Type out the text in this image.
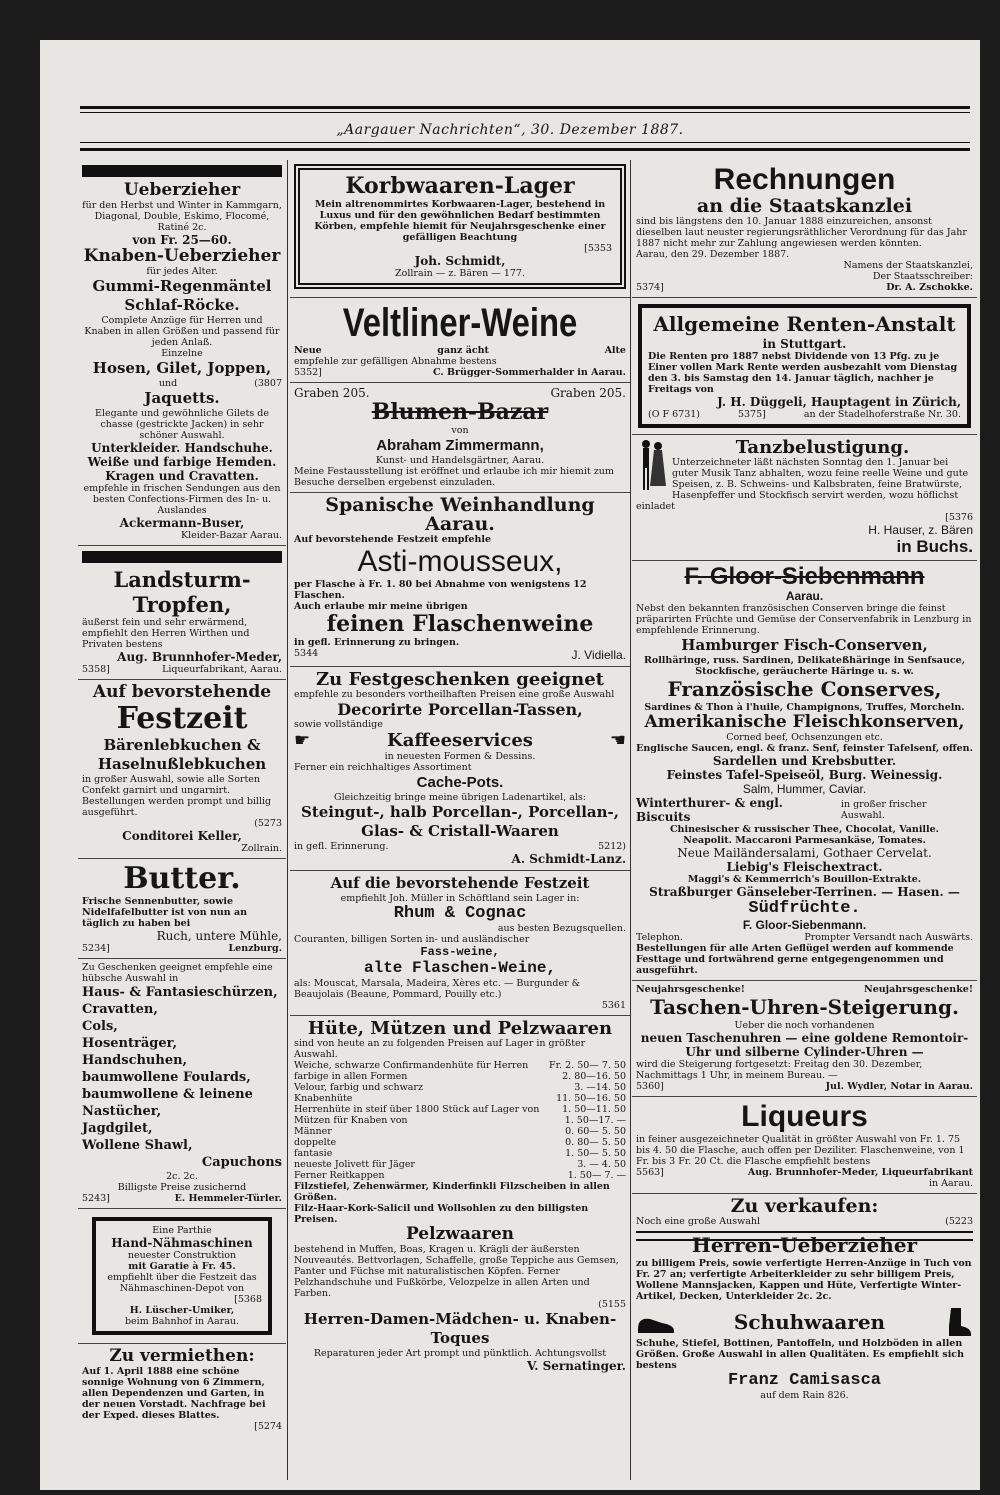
„Aargauer Nachrichten“, 30. Dezember 1887.
Ueberzieher
für den Herbst und Winter in Kammgarn, Diagonal, Double, Eskimo, Flocomé, Ratiné 2c.
von Fr. 25—60.
Knaben-Ueberzieher
für jedes Alter.
Gummi-Regenmäntel
Schlaf-Röcke.
Complete Anzüge für Herren und Knaben in allen Größen und passend für jeden Anlaß.
Einzelne
Hosen, Gilet, Joppen,
und	(3807
Jaquetts.
Elegante und gewöhnliche Gilets de chasse (gestrickte Jacken) in sehr schöner Auswahl.
Unterkleider. Handschuhe.
Weiße und farbige Hemden.
Kragen und Cravatten.
empfehle in frischen Sendungen aus den besten Confections-Firmen des In- u. Auslandes
Ackermann-Buser,
Kleider-Bazar Aarau.
Landsturm-Tropfen,
äußerst fein und sehr erwärmend, empfiehlt den Herren Wirthen und Privaten bestens
Aug. Brunnhofer-Meder,
5358]	Liqueurfabrikant, Aarau.
Auf bevorstehende
Festzeit
Bärenlebkuchen & Haselnußlebkuchen
in großer Auswahl, sowie alle Sorten Confekt garnirt und ungarnirt. Bestellungen werden prompt und billig ausgeführt.
(5273
Conditorei Keller,
Zollrain.
Butter.
Frische Sennenbutter, sowie Nidelfafelbutter ist von nun an täglich zu haben bei
Ruch, untere Mühle,
5234]	Lenzburg.
Zu Geschenken geeignet empfehle eine hübsche Auswahl in
Haus- & Fantasieschürzen,
Cravatten,
Cols,
Hosenträger,
Handschuhen,
baumwollene Foulards,
baumwollene & leinene Nastücher,
Jagdgilet,
Wollene Shawl,
Capuchons
2c. 2c.
Billigste Preise zusichernd
5243]	E. Hemmeler-Türler.
Eine Parthie
Hand-Nähmaschinen
neuester Construktion
mit Garatie à Fr. 45.
empfiehlt über die Festzeit das Nähmaschinen-Depot von
[5368
H. Lüscher-Umiker,
beim Bahnhof in Aarau.
Zu vermiethen:
Auf 1. April 1888 eine schöne sonnige Wohnung von 6 Zimmern, allen Dependenzen und Garten, in der neuen Vorstadt. Nachfrage bei der Exped. dieses Blattes.
[5274
Korbwaaren-Lager
Mein altrenommirtes Korbwaaren-Lager, bestehend in Luxus und für den gewöhnlichen Bedarf bestimmten Körben, empfehle hiemit für Neujahrsgeschenke einer gefälligen Beachtung
[5353
Joh. Schmidt,
Zollrain — z. Bären — 177.
Veltliner-Weine
Neue	ganz ächt	Alte
empfehle zur gefälligen Abnahme bestens
5352]	C. Brügger-Sommerhalder in Aarau.
Graben 205.	Graben 205.
Blumen-Bazar
von
Abraham Zimmermann,
Kunst- und Handelsgärtner, Aarau.
Meine Festausstellung ist eröffnet und erlaube ich mir hiemit zum Besuche derselben ergebenst einzuladen.
Spanische Weinhandlung Aarau.
Auf bevorstehende Festzeit empfehle
Asti-mousseux,
per Flasche à Fr. 1. 80 bei Abnahme von wenigstens 12 Flaschen.
Auch erlaube mir meine übrigen
feinen Flaschenweine
in gefl. Erinnerung zu bringen.
5344	J. Vidiella.
Zu Festgeschenken geeignet
empfehle zu besonders vortheilhaften Preisen eine große Auswahl
Decorirte Porcellan-Tassen,
sowie vollständige
☛	Kaffeeservices	☚
in neuesten Formen & Dessins.
Ferner ein reichhaltiges Assortiment
Cache-Pots.
Gleichzeitig bringe meine übrigen Ladenartikel, als:
Steingut-, halb Porcellan-, Porcellan-, Glas- & Cristall-Waaren
in gefl. Erinnerung.	5212)
A. Schmidt-Lanz.
Auf die bevorstehende Festzeit
empfiehlt Joh. Müller in Schöftland sein Lager in:
Rhum & Cognac
aus besten Bezugsquellen.
Couranten, billigen Sorten in- und ausländischer
Fass-weine,
alte Flaschen-Weine,
als: Mouscat, Marsala, Madeira, Xères etc. — Burgunder & Beaujolais (Beaune, Pommard, Pouilly etc.)
5361
Hüte, Mützen und Pelzwaaren
sind von heute an zu folgenden Preisen auf Lager in größter Auswahl.
Weiche, schwarze Confirmandenhüte für Herren	Fr. 2. 50— 7. 50
farbige in allen Formen	2. 80—16. 50
Velour, farbig und schwarz	3. —14. 50
Knabenhüte	11. 50—16. 50
Herrenhüte in steif über 1800 Stück auf Lager von	1. 50—11. 50
Mützen für Knaben von	1. 50—17. —
Männer	0. 60— 5. 50
doppelte	0. 80— 5. 50
fantasie	1. 50— 5. 50
neueste Jolivett für Jäger	3. — 4. 50
Ferner Reitkappen	1. 50— 7. —
Filzstiefel, Zehenwärmer, Kinderfinkli Filzscheiben in allen Größen.
Filz-Haar-Kork-Salicil und Wollsohlen zu den billigsten Preisen.
Pelzwaaren
bestehend in Muffen, Boas, Kragen u. Krägli der äußersten Nouveautés. Bettvorlagen, Schaffelle, große Teppiche aus Gemsen, Panter und Füchse mit naturalistischen Köpfen. Ferner Pelzhandschuhe und Fußkörbe, Velozpelze in allen Arten und Farben.
(5155
Herren-Damen-Mädchen- u. Knaben-Toques
Reparaturen jeder Art prompt und pünktlich. Achtungsvollst
V. Sernatinger.
Rechnungen
an die Staatskanzlei
sind bis längstens den 10. Januar 1888 einzureichen, ansonst dieselben laut neuster regierungsräthlicher Verordnung für das Jahr 1887 nicht mehr zur Zahlung angewiesen werden könnten.
Aarau, den 29. Dezember 1887.
Namens der Staatskanzlei,
Der Staatsschreiber:
5374]	Dr. A. Zschokke.
Allgemeine Renten-Anstalt
in Stuttgart.
Die Renten pro 1887 nebst Dividende von 13 Pfg. zu je Einer vollen Mark Rente werden ausbezahlt vom Dienstag den 3. bis Samstag den 14. Januar täglich, nachher je Freitags von
J. H. Düggeli, Hauptagent in Zürich,
(O F 6731)	5375]	an der Stadelhoferstraße Nr. 30.
Tanzbelustigung.
Unterzeichneter läßt nächsten Sonntag den 1. Januar bei guter Musik Tanz abhalten, wozu feine reelle Weine und gute Speisen, z. B. Schweins- und Kalbsbraten, feine Bratwürste, Hasenpfeffer und Stockfisch servirt werden, wozu höflichst einladet
[5376
H. Hauser, z. Bären
in Buchs.
F. Gloor-Siebenmann
Aarau.
Nebst den bekannten französischen Conserven bringe die feinst präparirten Früchte und Gemüse der Conservenfabrik in Lenzburg in empfehlende Erinnerung.
Hamburger Fisch-Conserven,
Rollhäringe, russ. Sardinen, Delikateßhäringe in Senfsauce, Stockfische, geräucherte Häringe u. s. w.
Französische Conserves,
Sardines & Thon à l'huile, Champignons, Truffes, Morcheln.
Amerikanische Fleischkonserven,
Corned beef, Ochsenzungen etc.
Englische Saucen, engl. & franz. Senf, feinster Tafelsenf, offen.
Sardellen und Krebsbutter.
Feinstes Tafel-Speiseöl, Burg. Weinessig.
Salm, Hummer, Caviar.
Winterthurer- & engl. Biscuits
in großer frischer Auswahl.
Chinesischer & russischer Thee, Chocolat, Vanille.
Neapolit. Maccaroni Parmesankäse, Tomates.
Neue Mailändersalami, Gothaer Cervelat.
Liebig's Fleischextract.
Maggi's & Kemmerrich's Bouillon-Extrakte.
Straßburger Gänseleber-Terrinen. — Hasen. —
Südfrüchte.
F. Gloor-Siebenmann.
Telephon.	Prompter Versandt nach Auswärts.
Bestellungen für alle Arten Geflügel werden auf kommende Festtage und fortwährend gerne entgegengenommen und ausgeführt.
Neujahrsgeschenke!	Neujahrsgeschenke!
Taschen-Uhren-Steigerung.
Ueber die noch vorhandenen
neuen Taschenuhren — eine goldene Remontoir-Uhr und silberne Cylinder-Uhren —
wird die Steigerung fortgesetzt: Freitag den 30. Dezember, Nachmittags 1 Uhr, in meinem Bureau. —
5360]	Jul. Wydler, Notar in Aarau.
Liqueurs
in feiner ausgezeichneter Qualität in größter Auswahl von Fr. 1. 75 bis 4. 50 die Flasche, auch offen per Deziliter. Flaschenweine, von 1 Fr. bis 3 Fr. 20 Ct. die Flasche empfiehlt bestens
5563]	Aug. Brunnhofer-Meder, Liqueurfabrikant
in Aarau.
Zu verkaufen:
Noch eine große Auswahl	(5223
Herren-Ueberzieher
zu billigem Preis, sowie verfertigte Herren-Anzüge in Tuch von Fr. 27 an; verfertigte Arbeiterkleider zu sehr billigem Preis, Wollene Mannsjacken, Kappen und Hüte, Verfertigte Winter-Artikel, Decken, Unterkleider 2c. 2c.
Schuhwaaren
Schuhe, Stiefel, Bottinen, Pantoffeln, und Holzböden in allen Größen. Große Auswahl in allen Qualitäten. Es empfiehlt sich bestens
Franz Camisasca
auf dem Rain 826.
